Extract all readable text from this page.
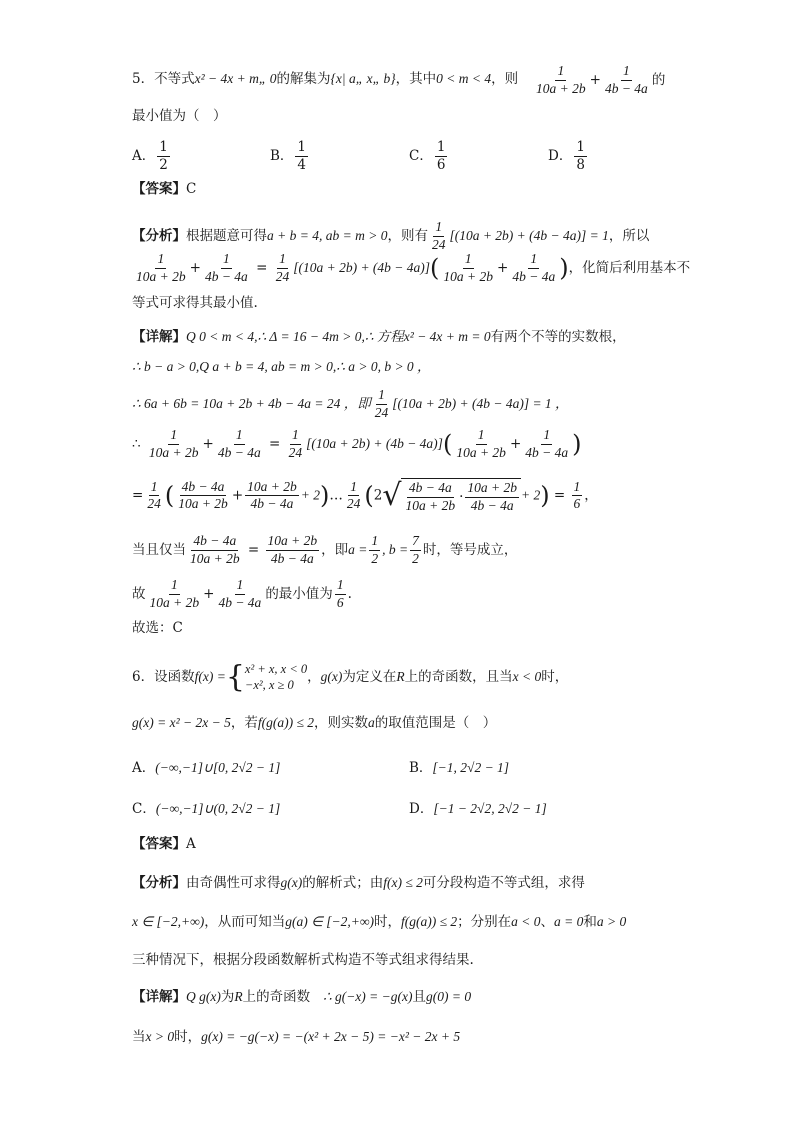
5．不等式x² − 4x + m„ 0的解集为{x| a„ x„ b}，其中0 < m < 4，则 $\frac{1}{10a + 2b} + \frac{1}{4b - 4a}$ 的
最小值为（　）
A． $\frac{1}{2}$	B． $\frac{1}{4}$	C． $\frac{1}{6}$	D． $\frac{1}{8}$
【答案】C
【分析】根据题意可得a + b = 4, ab = m > 0，则有 $\frac{1}{24} [(10a + 2b) + (4b - 4a)] = 1$，所以
$\frac{1}{10a + 2b} + \frac{1}{4b - 4a} = \frac{1}{24} [(10a + 2b) + (4b - 4a)]( \frac{1}{10a + 2b} + \frac{1}{4b - 4a}$ )，化简后利用基本不
等式可求得其最小值.
【详解】Q 0 < m < 4,∴ Δ = 16 − 4m > 0,∴ 方程x² − 4x + m = 0有两个不等的实数根，
∴ b − a > 0,Q a + b = 4, ab = m > 0,∴ a > 0, b > 0 ，
∴ 6a + 6b = 10a + 2b + 4b − 4a = 24 ，即 $\frac{1}{24} [(10a + 2b) + (4b - 4a)] = 1$ ，
∴ $\frac{1}{10a + 2b} + \frac{1}{4b - 4a} = \frac{1}{24} [(10a + 2b) + (4b - 4a)]( \frac{1}{10a + 2b} + \frac{1}{4b - 4a}$ )
= $\frac{1}{24}$ ( $\frac{4b - 4a}{10a + 2b} + \frac{10a + 2b}{4b - 4a}$ + 2)… $\frac{1}{24} (2$ √ $\frac{4b - 4a}{10a + 2b} \cdot \frac{10a + 2b}{4b - 4a} + 2) = \frac{1}{6}$ ，
当且仅当 $\frac{4b - 4a}{10a + 2b} = \frac{10a + 2b}{4b - 4a}$ ，即$a = \frac{1}{2}$ , $b = \frac{7}{2}$ 时，等号成立，
故 $\frac{1}{10a + 2b} + \frac{1}{4b - 4a}$ 的最小值为 $\frac{1}{6}$ .
故选：C
6．设函数f(x) ={ x² + x, x < 0
−x², x ≥ 0 ，g(x)为定义在R上的奇函数，且当x < 0时，
g(x) = x² − 2x − 5，若f(g(a)) ≤ 2，则实数a的取值范围是（　）
A．(−∞,−1]∪[0, 2√2 − 1]	B．[−1, 2√2 − 1]
C．(−∞,−1]∪(0, 2√2 − 1]	D．[−1 − 2√2, 2√2 − 1]
【答案】A
【分析】由奇偶性可求得g(x)的解析式；由f(x) ≤ 2可分段构造不等式组，求得
x ∈ [−2,+∞)，从而可知当g(a) ∈ [−2,+∞)时，f(g(a)) ≤ 2；分别在a < 0、a = 0和a > 0
三种情况下，根据分段函数解析式构造不等式组求得结果.
【详解】Q g(x)为R上的奇函数 ∴ g(−x) = −g(x)且g(0) = 0
当x > 0时，g(x) = −g(−x) = −(x² + 2x − 5) = −x² − 2x + 5
